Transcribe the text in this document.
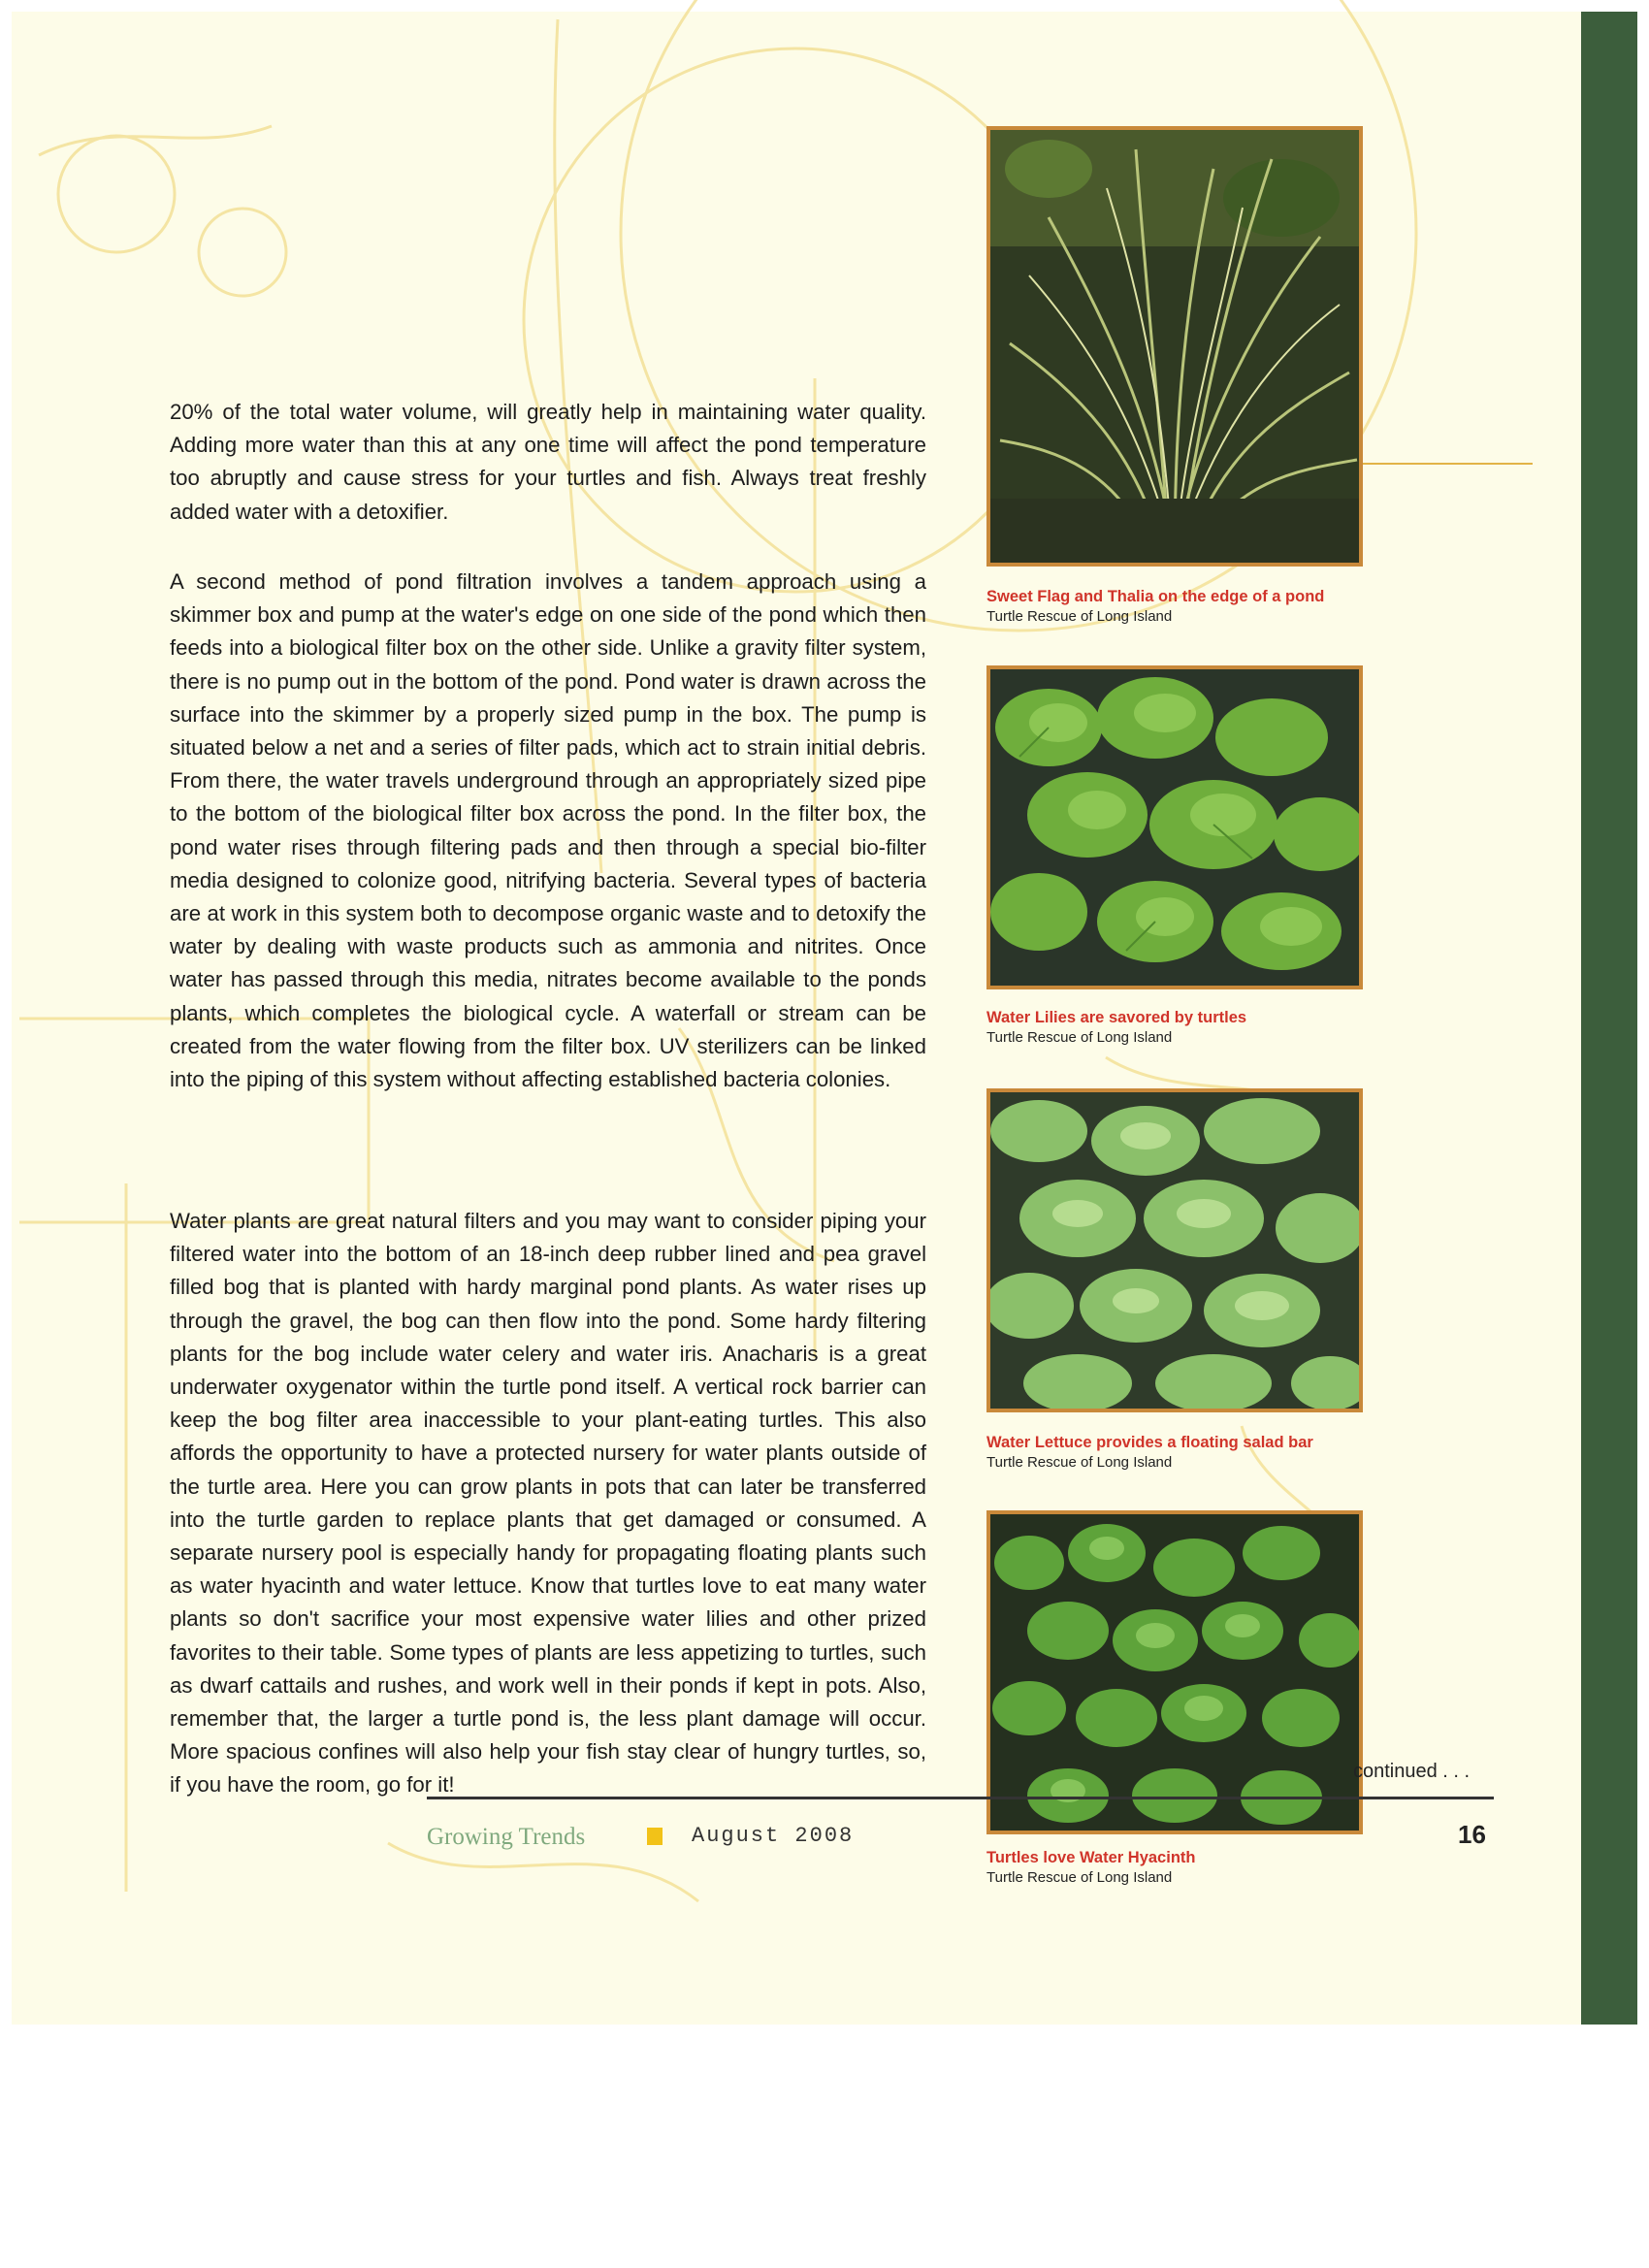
20% of the total water volume, will greatly help in maintaining water quality. Adding more water than this at any one time will affect the pond temperature too abruptly and cause stress for your turtles and fish. Always treat freshly added water with a detoxifier.

A second method of pond filtration involves a tandem approach using a skimmer box and pump at the water's edge on one side of the pond which then feeds into a biological filter box on the other side. Unlike a gravity filter system, there is no pump out in the bottom of the pond. Pond water is drawn across the surface into the skimmer by a properly sized pump in the box. The pump is situated below a net and a series of filter pads, which act to strain initial debris. From there, the water travels underground through an appropriately sized pipe to the bottom of the biological filter box across the pond. In the filter box, the pond water rises through filtering pads and then through a special bio-filter media designed to colonize good, nitrifying bacteria. Several types of bacteria are at work in this system both to decompose organic waste and to detoxify the water by dealing with waste products such as ammonia and nitrites. Once water has passed through this media, nitrates become available to the ponds plants, which completes the biological cycle. A waterfall or stream can be created from the water flowing from the filter box. UV sterilizers can be linked into the piping of this system without affecting established bacteria colonies.

Water plants are great natural filters and you may want to consider piping your filtered water into the bottom of an 18-inch deep rubber lined and pea gravel filled bog that is planted with hardy marginal pond plants. As water rises up through the gravel, the bog can then flow into the pond. Some hardy filtering plants for the bog include water celery and water iris. Anacharis is a great underwater oxygenator within the turtle pond itself. A vertical rock barrier can keep the bog filter area inaccessible to your plant-eating turtles. This also affords the opportunity to have a protected nursery for water plants outside of the turtle area. Here you can grow plants in pots that can later be transferred into the turtle garden to replace plants that get damaged or consumed. A separate nursery pool is especially handy for propagating floating plants such as water hyacinth and water lettuce. Know that turtles love to eat many water plants so don't sacrifice your most expensive water lilies and other prized favorites to their table. Some types of plants are less appetizing to turtles, such as dwarf cattails and rushes, and work well in their ponds if kept in pots. Also, remember that, the larger a turtle pond is, the less plant damage will occur. More spacious confines will also help your fish stay clear of hungry turtles, so, if you have the room, go for it!

Sweet Flag and Thalia on the edge of a pond
Turtle Rescue of Long Island
Water Lilies are savored by turtles
Turtle Rescue of Long Island
Water Lettuce provides a floating salad bar
Turtle Rescue of Long Island
Turtles love Water Hyacinth
Turtle Rescue of Long Island
continued . . .
Growing Trends	August 2008	16
